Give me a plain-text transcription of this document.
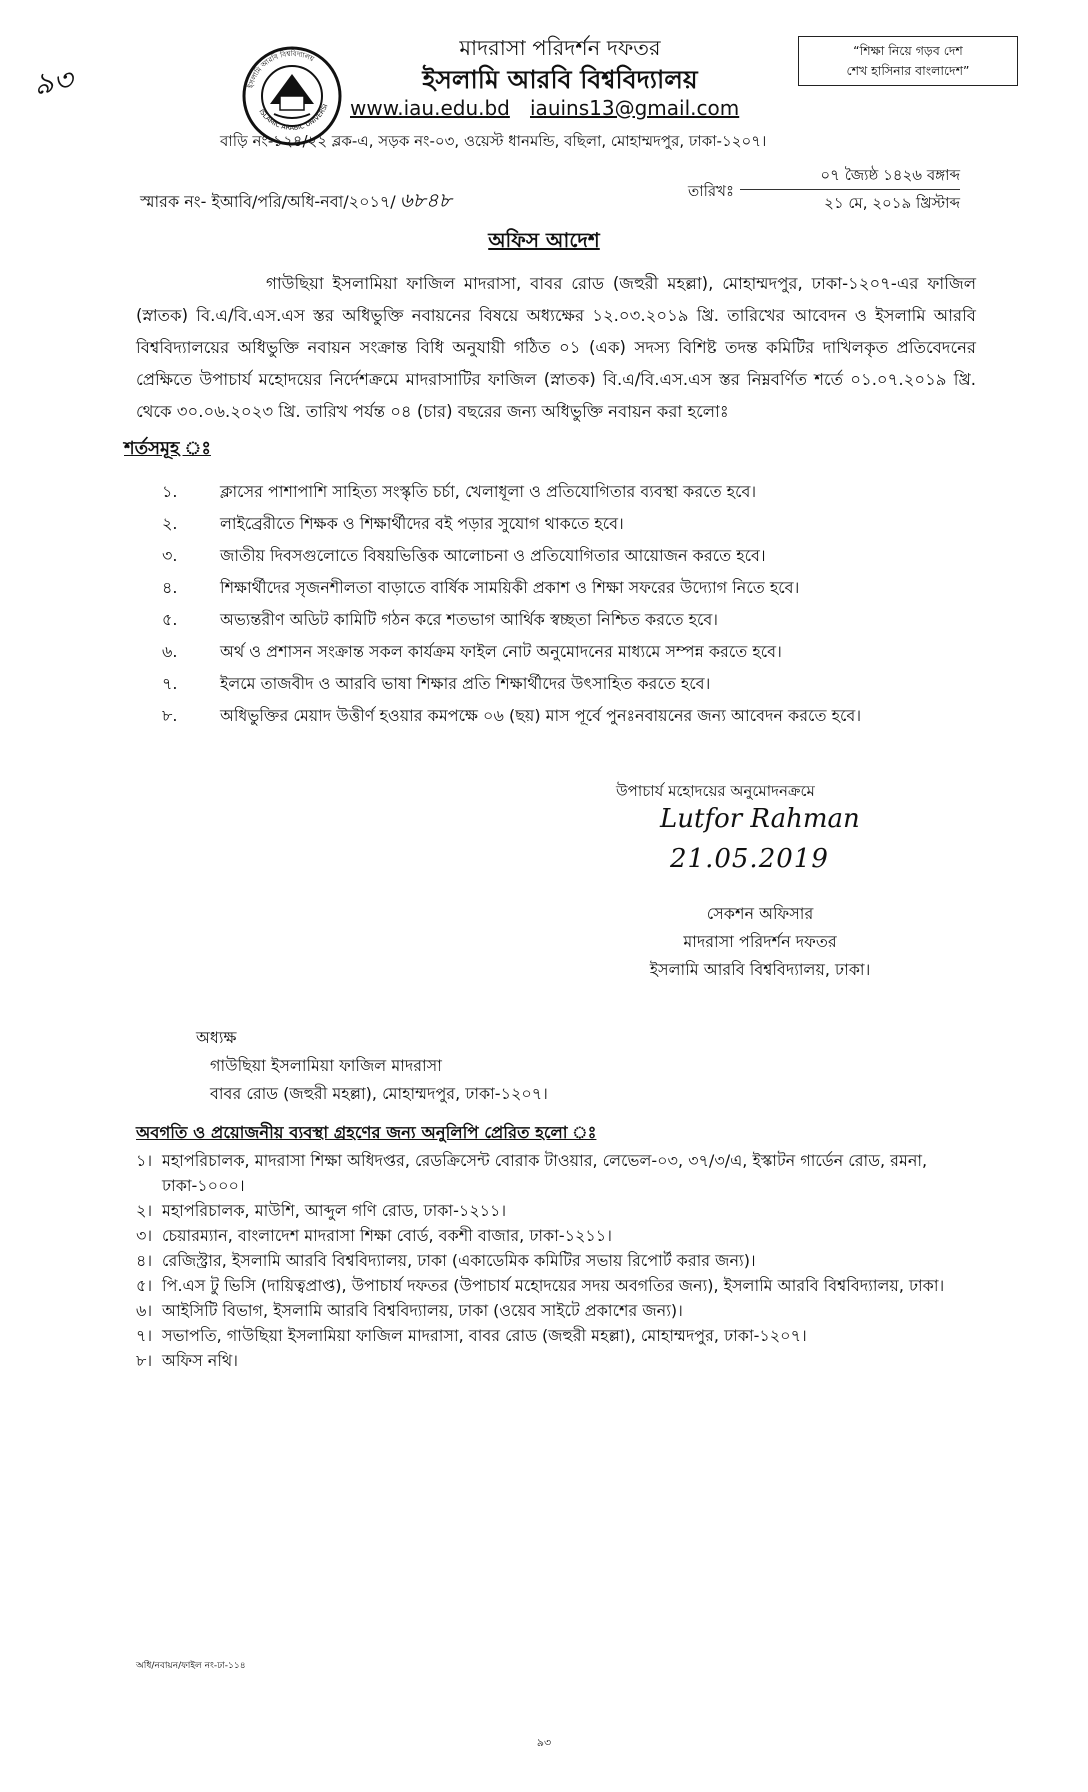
৯৩	ইসলামি আরবি বিশ্ববিদ্যালয়
ISLAMIC ARABIC UNIVERSI
মাদরাসা পরিদর্শন দফতর
ইসলামি আরবি বিশ্ববিদ্যালয়
www.iau.edu.bd iauins13@gmail.com
বাড়ি নং-১২৪/২২ ব্লক-এ, সড়ক নং-০৩, ওয়েস্ট ধানমন্ডি, বছিলা, মোহাম্মদপুর, ঢাকা-১২০৭।
“শিক্ষা নিয়ে গড়ব দেশ
শেখ হাসিনার বাংলাদেশ”
স্মারক নং- ইআবি/পরি/অধি-নবা/২০১৭/ ৬৮৪৮	তারিখঃ
০৭ জ্যৈষ্ঠ ১৪২৬ বঙ্গাব্দ
২১ মে, ২০১৯ খ্রিস্টাব্দ
অফিস আদেশ
গাউছিয়া ইসলামিয়া ফাজিল মাদরাসা, বাবর রোড (জহুরী মহল্লা), মোহাম্মদপুর, ঢাকা-১২০৭-এর ফাজিল (স্নাতক) বি.এ/বি.এস.এস স্তর অধিভুক্তি নবায়নের বিষয়ে অধ্যক্ষের ১২.০৩.২০১৯ খ্রি. তারিখের আবেদন ও ইসলামি আরবি বিশ্ববিদ্যালয়ের অধিভুক্তি নবায়ন সংক্রান্ত বিধি অনুযায়ী গঠিত ০১ (এক) সদস্য বিশিষ্ট তদন্ত কমিটির দাখিলকৃত প্রতিবেদনের প্রেক্ষিতে উপাচার্য মহোদয়ের নির্দেশক্রমে মাদরাসাটির ফাজিল (স্নাতক) বি.এ/বি.এস.এস স্তর নিম্নবর্ণিত শর্তে ০১.০৭.২০১৯ খ্রি. থেকে ৩০.০৬.২০২৩ খ্রি. তারিখ পর্যন্ত ০৪ (চার) বছরের জন্য অধিভুক্তি নবায়ন করা হলোঃ
শর্তসমূহ ঃ
১.	ক্লাসের পাশাপাশি সাহিত্য সংস্কৃতি চর্চা, খেলাধূলা ও প্রতিযোগিতার ব্যবস্থা করতে হবে।
২.	লাইব্রেরীতে শিক্ষক ও শিক্ষার্থীদের বই পড়ার সুযোগ থাকতে হবে।
৩.	জাতীয় দিবসগুলোতে বিষয়ভিত্তিক আলোচনা ও প্রতিযোগিতার আয়োজন করতে হবে।
৪.	শিক্ষার্থীদের সৃজনশীলতা বাড়াতে বার্ষিক সাময়িকী প্রকাশ ও শিক্ষা সফরের উদ্যোগ নিতে হবে।
৫.	অভ্যন্তরীণ অডিট কামিটি গঠন করে শতভাগ আর্থিক স্বচ্ছতা নিশ্চিত করতে হবে।
৬.	অর্থ ও প্রশাসন সংক্রান্ত সকল কার্যক্রম ফাইল নোট অনুমোদনের মাধ্যমে সম্পন্ন করতে হবে।
৭.	ইলমে তাজবীদ ও আরবি ভাষা শিক্ষার প্রতি শিক্ষার্থীদের উৎসাহিত করতে হবে।
৮.	অধিভুক্তির মেয়াদ উত্তীর্ণ হওয়ার কমপক্ষে ০৬ (ছয়) মাস পূর্বে পুনঃনবায়নের জন্য আবেদন করতে হবে।
উপাচার্য মহোদয়ের অনুমোদনক্রমে
Lutfor Rahman
21.05.2019
সেকশন অফিসার
মাদরাসা পরিদর্শন দফতর
ইসলামি আরবি বিশ্ববিদ্যালয়, ঢাকা।
অধ্যক্ষ
গাউছিয়া ইসলামিয়া ফাজিল মাদরাসা
বাবর রোড (জহুরী মহল্লা), মোহাম্মদপুর, ঢাকা-১২০৭।
অবগতি ও প্রয়োজনীয় ব্যবস্থা গ্রহণের জন্য অনুলিপি প্রেরিত হলো ঃ
১। মহাপরিচালক, মাদরাসা শিক্ষা অধিদপ্তর, রেডক্রিসেন্ট বোরাক টাওয়ার, লেভেল-০৩, ৩৭/৩/এ, ইস্কাটন গার্ডেন রোড, রমনা, ঢাকা-১০০০।
২। মহাপরিচালক, মাউশি, আব্দুল গণি রোড, ঢাকা-১২১১।
৩। চেয়ারম্যান, বাংলাদেশ মাদরাসা শিক্ষা বোর্ড, বকশী বাজার, ঢাকা-১২১১।
৪। রেজিস্ট্রার, ইসলামি আরবি বিশ্ববিদ্যালয়, ঢাকা (একাডেমিক কমিটির সভায় রিপোর্ট করার জন্য)।
৫। পি.এস টু ভিসি (দায়িত্বপ্রাপ্ত), উপাচার্য দফতর (উপাচার্য মহোদয়ের সদয় অবগতির জন্য), ইসলামি আরবি বিশ্ববিদ্যালয়, ঢাকা।
৬। আইসিটি বিভাগ, ইসলামি আরবি বিশ্ববিদ্যালয়, ঢাকা (ওয়েব সাইটে প্রকাশের জন্য)।
৭। সভাপতি, গাউছিয়া ইসলামিয়া ফাজিল মাদরাসা, বাবর রোড (জহুরী মহল্লা), মোহাম্মদপুর, ঢাকা-১২০৭।
৮। অফিস নথি।
অধি/নবায়ন/ফাইল নং-ঢা-১১৪
৯৩
